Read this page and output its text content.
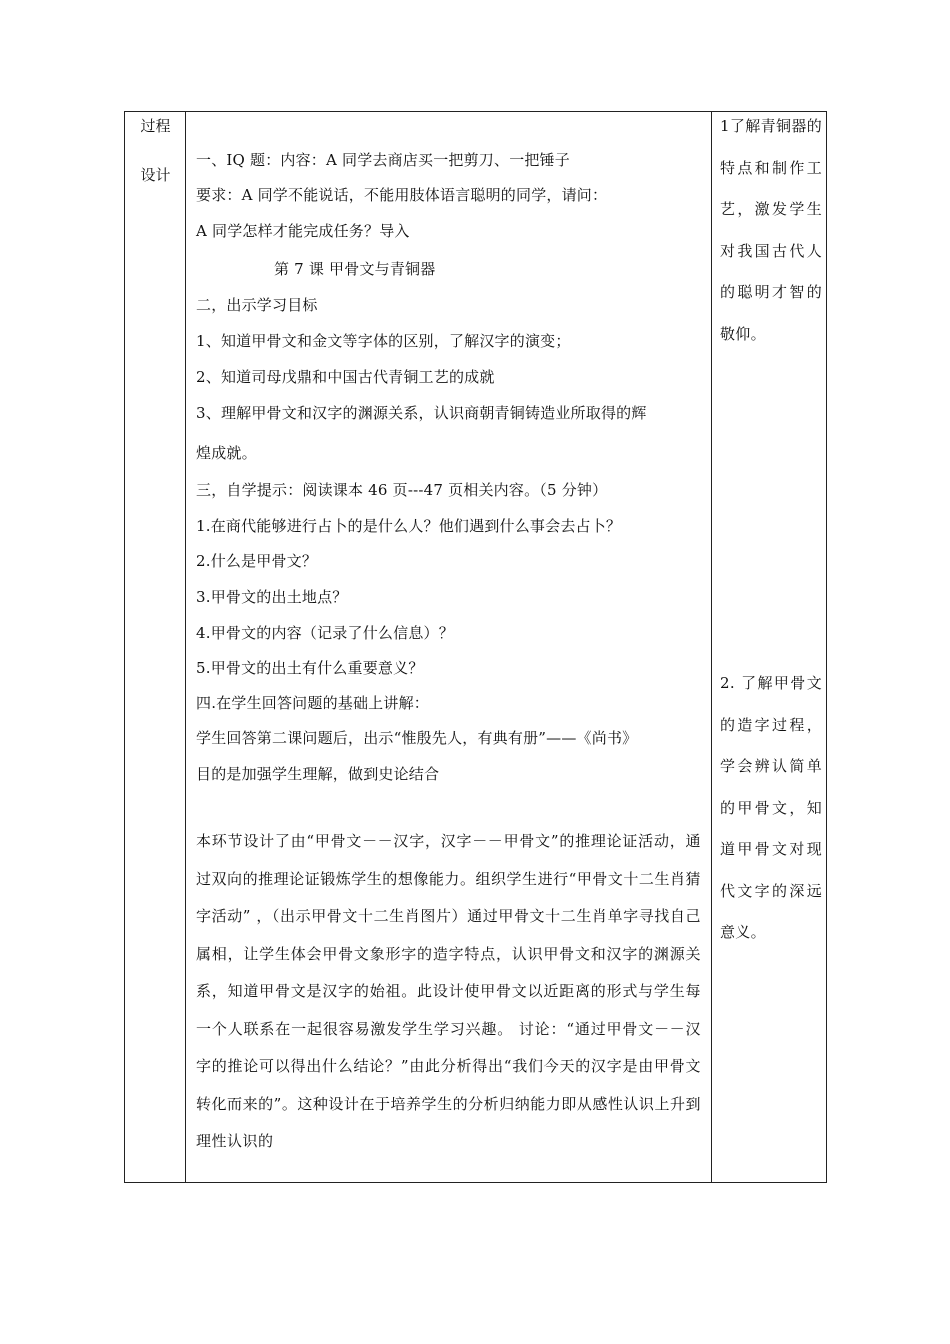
过程
设计
一、IQ 题：内容：A 同学去商店买一把剪刀、一把锤子
要求：A 同学不能说话，不能用肢体语言聪明的同学，请问：
A 同学怎样才能完成任务？导入
第 7 课 甲骨文与青铜器
二，出示学习目标
1、知道甲骨文和金文等字体的区别，了解汉字的演变；
2、知道司母戊鼎和中国古代青铜工艺的成就
3、理解甲骨文和汉字的渊源关系，认识商朝青铜铸造业所取得的辉
煌成就。
三，自学提示：阅读课本 46 页---47 页相关内容。（5 分钟）
1.在商代能够进行占卜的是什么人？他们遇到什么事会去占卜？
2.什么是甲骨文？
3.甲骨文的出土地点？
4.甲骨文的内容（记录了什么信息）？
5.甲骨文的出土有什么重要意义？
四.在学生回答问题的基础上讲解：
学生回答第二课问题后，出示“惟殷先人，有典有册”——《尚书》
目的是加强学生理解，做到史论结合
本环节设计了由“甲骨文－－汉字，汉字－－甲骨文”的推理论证活动，通过双向的推理论证锻炼学生的想像能力。组织学生进行“甲骨文十二生肖猜字活动” ，（出示甲骨文十二生肖图片）通过甲骨文十二生肖单字寻找自己属相，让学生体会甲骨文象形字的造字特点，认识甲骨文和汉字的渊源关系，知道甲骨文是汉字的始祖。此设计使甲骨文以近距离的形式与学生每一个人联系在一起很容易激发学生学习兴趣。 讨论：“通过甲骨文－－汉字的推论可以得出什么结论？”由此分析得出“我们今天的汉字是由甲骨文转化而来的”。这种设计在于培养学生的分析归纳能力即从感性认识上升到理性认识的
1了解青铜器的特点和制作工艺，激发学生对我国古代人的聪明才智的敬仰。
2. 了解甲骨文的造字过程，学会辨认简单的甲骨文，知道甲骨文对现代文字的深远意义。
